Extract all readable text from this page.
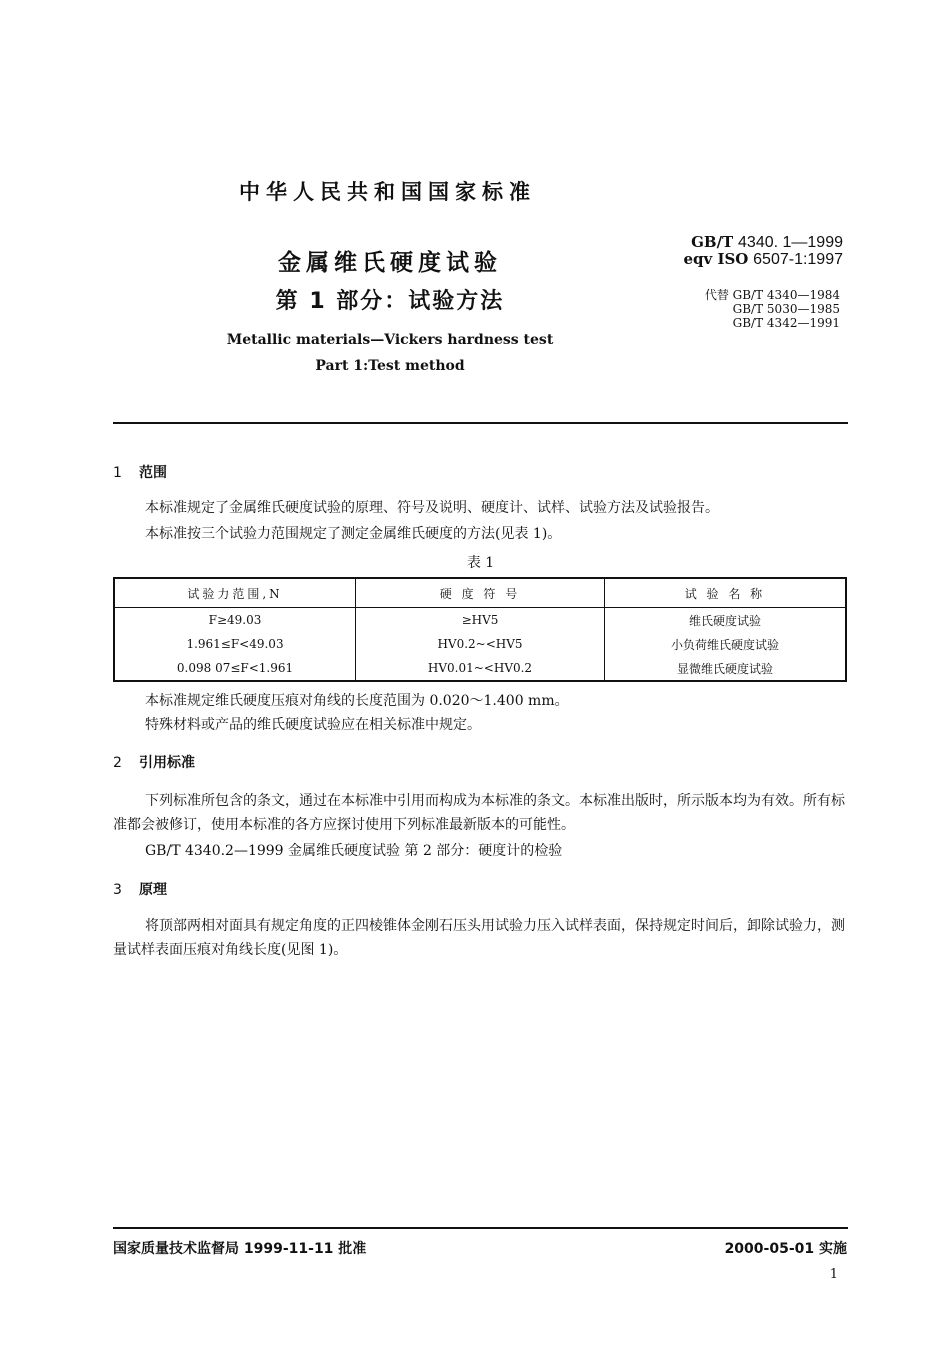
中华人民共和国国家标准
金属维氏硬度试验
第 1 部分：试验方法
Metallic materials—Vickers hardness test
Part 1:Test method
GB/T 4340. 1—1999
eqv ISO 6507-1:1997
代替 GB/T 4340—1984
GB/T 5030—1985
GB/T 4342—1991
1 范围
本标准规定了金属维氏硬度试验的原理、符号及说明、硬度计、试样、试验方法及试验报告。
本标准按三个试验力范围规定了测定金属维氏硬度的方法(见表 1)。
表 1
试验力范围,N	硬 度 符 号	试 验 名 称
F≥49.03	≥HV5	维氏硬度试验
1.961≤F<49.03	HV0.2~<HV5	小负荷维氏硬度试验
0.098 07≤F<1.961	HV0.01~<HV0.2	显微维氏硬度试验
本标准规定维氏硬度压痕对角线的长度范围为 0.020～1.400 mm。
特殊材料或产品的维氏硬度试验应在相关标准中规定。
2 引用标准
下列标准所包含的条文，通过在本标准中引用而构成为本标准的条文。本标准出版时，所示版本均为有效。所有标准都会被修订，使用本标准的各方应探讨使用下列标准最新版本的可能性。
GB/T 4340.2—1999 金属维氏硬度试验 第 2 部分：硬度计的检验
3 原理
将顶部两相对面具有规定角度的正四棱锥体金刚石压头用试验力压入试样表面，保持规定时间后，卸除试验力，测量试样表面压痕对角线长度(见图 1)。
国家质量技术监督局 1999-11-11 批准	2000-05-01 实施
1
